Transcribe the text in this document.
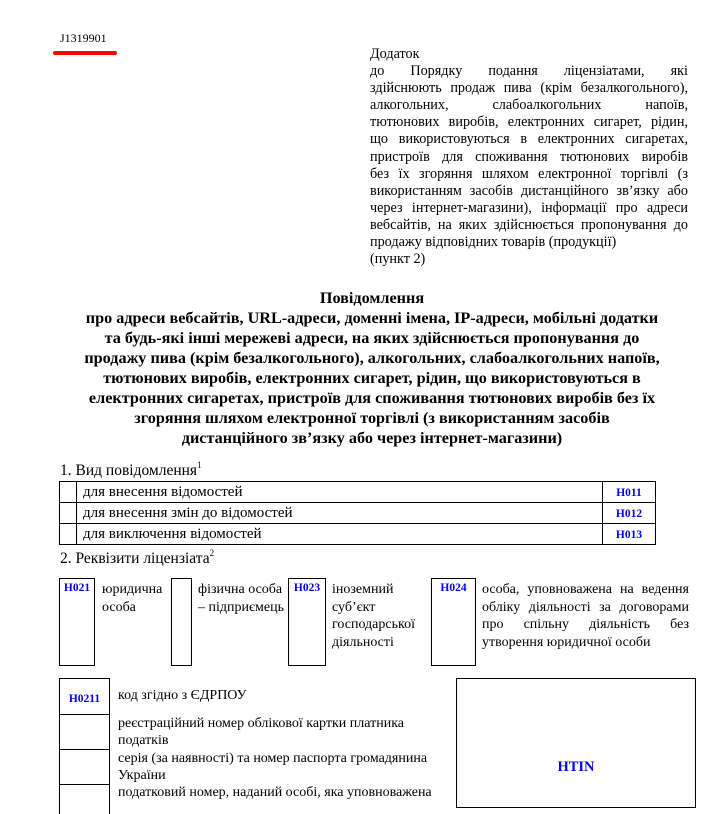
J1319901
Додаток
до Порядку подання ліцензіатами, які
здійснюють продаж пива (крім безалкогольного),
алкогольних, слабоалкогольних напоїв,
тютюнових виробів, електронних сигарет, рідин,
що використовуються в електронних сигаретах,
пристроїв для споживання тютюнових виробів
без їх згоряння шляхом електронної торгівлі (з
використанням засобів дистанційного зв’язку або
через інтернет-магазини), інформації про адреси
вебсайтів, на яких здійснюється пропонування до
продажу відповідних товарів (продукції)
(пункт 2)
Повідомлення
про адреси вебсайтів, URL-адреси, доменні імена, IP-адреси, мобільні додатки
та будь-які інші мережеві адреси, на яких здійснюється пропонування до
продажу пива (крім безалкогольного), алкогольних, слабоалкогольних напоїв,
тютюнових виробів, електронних сигарет, рідин, що використовуються в
електронних сигаретах, пристроїв для споживання тютюнових виробів без їх
згоряння шляхом електронної торгівлі (з використанням засобів
дистанційного зв’язку або через інтернет-магазини)
1. Вид повідомлення$^1$
	для внесення відомостей	H011
	для внесення змін до відомостей	H012
	для виключення відомостей	H013
2. Реквізити ліцензіата$^2$
H021 юридична особа
фізична особа – підприємець
H023 іноземний суб’єкт господарської діяльності
H024	особа, уповноважена на ведення обліку діяльності за договорами про спільну діяльність без утворення юридичної особи
H0211	код згідно з ЄДРПОУ
реєстраційний номер облікової картки платника податків
серія (за наявності) та номер паспорта громадянина України
податковий номер, наданий особі, яка уповноважена
HTIN
